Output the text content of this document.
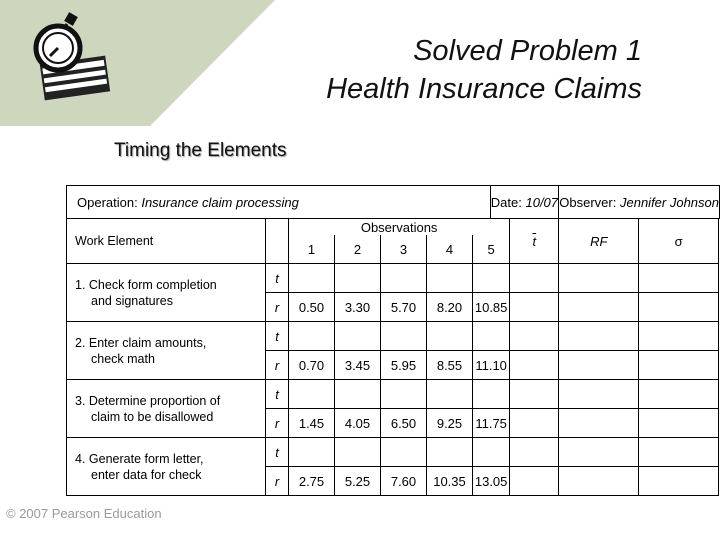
Solved Problem 1
Health Insurance Claims
Timing the Elements
Operation: Insurance claim processing							Date: 10/07		Observer: Jennifer Johnson		
Work Element		Observations						$\overline{t}$	RF	σ	
		1	2	3	4	5					

1. Check form completion
and signatures	t										
	r	0.50	3.30	5.70	8.20	10.85					

2. Enter claim amounts,
check math	t										
	r	0.70	3.45	5.95	8.55	11.10					

3. Determine proportion of
claim to be disallowed	t										
	r	1.45	4.05	6.50	9.25	11.75					

4. Generate form letter,
enter data for check	t										
	r	2.75	5.25	7.60	10.35	13.05					
© 2007 Pearson Education
